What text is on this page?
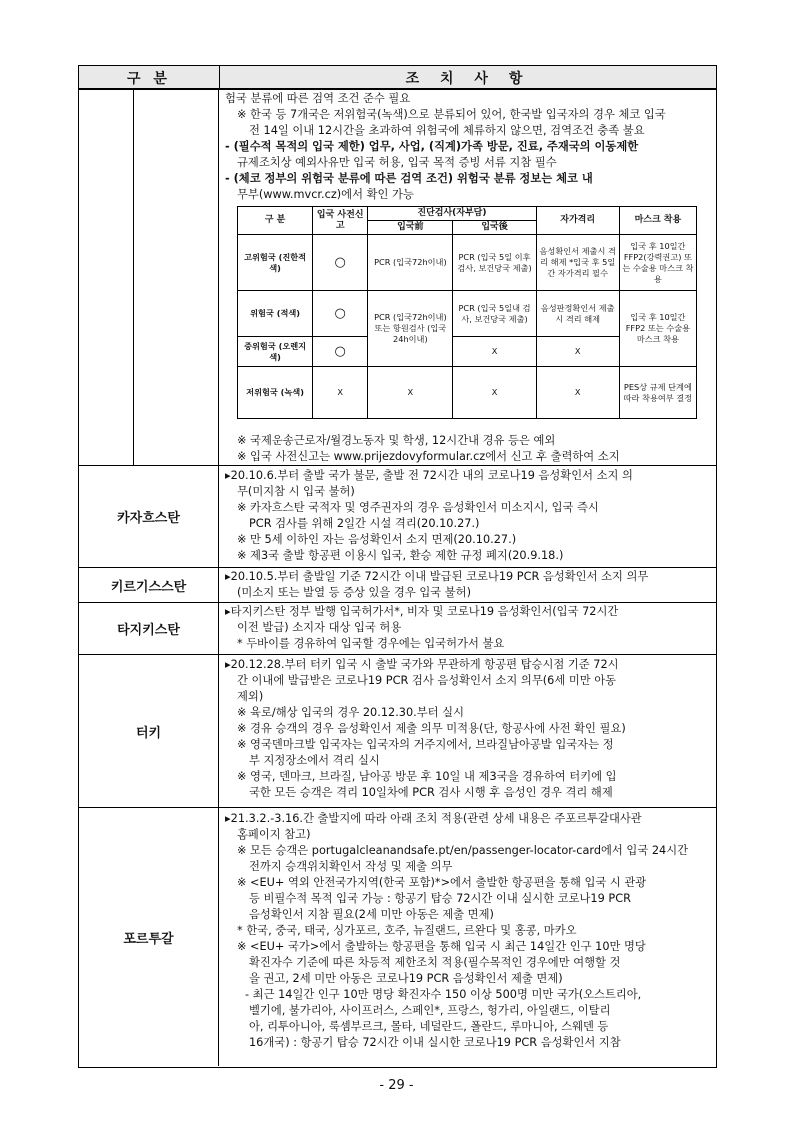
구 분	조 치 사 항
험국 분류에 따른 검역 조건 준수 필요
※ 한국 등 7개국은 저위험국(녹색)으로 분류되어 있어, 한국발 입국자의 경우 체코 입국
전 14일 이내 12시간을 초과하여 위험국에 체류하지 않으면, 검역조건 충족 불요
- (필수적 목적의 입국 제한) 업무, 사업, (직계)가족 방문, 진료, 주재국의 이동제한
규제조치상 예외사유만 입국 허용, 입국 목적 증빙 서류 지참 필수
- (체코 정부의 위험국 분류에 따른 검역 조건) 위험국 분류 정보는 체코 내
무부(www.mvcr.cz)에서 확인 가능
구 분	입국 사전신고	진단검사(자부담)		자가격리	마스크 착용
		입국前	입국後		
고위험국 (진한적색)	○	PCR (입국72h이내)	PCR (입국 5일 이후 검사, 보건당국 제출)	음성확인서 제출시 격리 해제 *입국 후 5일간 자가격리 필수	입국 후 10일간 FFP2(강력권고) 또는 수술용 마스크 착용
위험국 (적색)	○	PCR (입국72h이내) 또는 항원검사 (입국24h이내)	PCR (입국 5일내 검사, 보건당국 제출)	음성판정확인서 제출시 격리 해제	입국 후 10일간 FFP2 또는 수술용 마스크 착용
중위험국 (오렌지색)	○		X	X	
저위험국 (녹색)	X	X	X	X	PES상 규제 단계에 따라 착용여부 결정
※ 국제운송근로자/월경노동자 및 학생, 12시간내 경유 등은 예외
※ 입국 사전신고는 www.prijezdovyformular.cz에서 신고 후 출력하여 소지
카자흐스탄
▸20.10.6.부터 출발 국가 불문, 출발 전 72시간 내의 코로나19 음성확인서 소지 의
무(미지참 시 입국 불허)
※ 카자흐스탄 국적자 및 영주권자의 경우 음성확인서 미소지시, 입국 즉시
PCR 검사를 위해 2일간 시설 격리(20.10.27.)
※ 만 5세 이하인 자는 음성확인서 소지 면제(20.10.27.)
※ 제3국 출발 항공편 이용시 입국, 환승 제한 규정 폐지(20.9.18.)
키르기스스탄
▸20.10.5.부터 출발일 기준 72시간 이내 발급된 코로나19 PCR 음성확인서 소지 의무
(미소지 또는 발열 등 증상 있을 경우 입국 불허)
타지키스탄
▸타지키스탄 정부 발행 입국허가서*, 비자 및 코로나19 음성확인서(입국 72시간
이전 발급) 소지자 대상 입국 허용
* 두바이를 경유하여 입국할 경우에는 입국허가서 불요
터키
▸20.12.28.부터 터키 입국 시 출발 국가와 무관하게 항공편 탑승시점 기준 72시
간 이내에 발급받은 코로나19 PCR 검사 음성확인서 소지 의무(6세 미만 아동
제외)
※ 육로/해상 입국의 경우 20.12.30.부터 실시
※ 경유 승객의 경우 음성확인서 제출 의무 미적용(단, 항공사에 사전 확인 필요)
※ 영국덴마크발 입국자는 입국자의 거주지에서, 브라질남아공발 입국자는 정
부 지정장소에서 격리 실시
※ 영국, 덴마크, 브라질, 남아공 방문 후 10일 내 제3국을 경유하여 터키에 입
국한 모든 승객은 격리 10일차에 PCR 검사 시행 후 음성인 경우 격리 해제
포르투갈
▸21.3.2.-3.16.간 출발지에 따라 아래 조치 적용(관련 상세 내용은 주포르투갈대사관
홈페이지 참고)
※ 모든 승객은 portugalcleanandsafe.pt/en/passenger-locator-card에서 입국 24시간
전까지 승객위치확인서 작성 및 제출 의무
※ <EU+ 역외 안전국가지역(한국 포함)*>에서 출발한 항공편을 통해 입국 시 관광
등 비필수적 목적 입국 가능 : 항공기 탑승 72시간 이내 실시한 코로나19 PCR
음성확인서 지참 필요(2세 미만 아동은 제출 면제)
* 한국, 중국, 태국, 싱가포르, 호주, 뉴질랜드, 르완다 및 홍콩, 마카오
※ <EU+ 국가>에서 출발하는 항공편을 통해 입국 시 최근 14일간 인구 10만 명당
확진자수 기준에 따른 차등적 제한조치 적용(필수목적인 경우에만 여행할 것
을 권고, 2세 미만 아동은 코로나19 PCR 음성확인서 제출 면제)
- 최근 14일간 인구 10만 명당 확진자수 150 이상 500명 미만 국가(오스트리아,
벨기에, 불가리아, 사이프러스, 스페인*, 프랑스, 헝가리, 아일랜드, 이탈리
아, 리투아니아, 룩셈부르크, 몰타, 네덜란드, 폴란드, 루마니아, 스웨덴 등
16개국) : 항공기 탑승 72시간 이내 실시한 코로나19 PCR 음성확인서 지참
- 29 -
